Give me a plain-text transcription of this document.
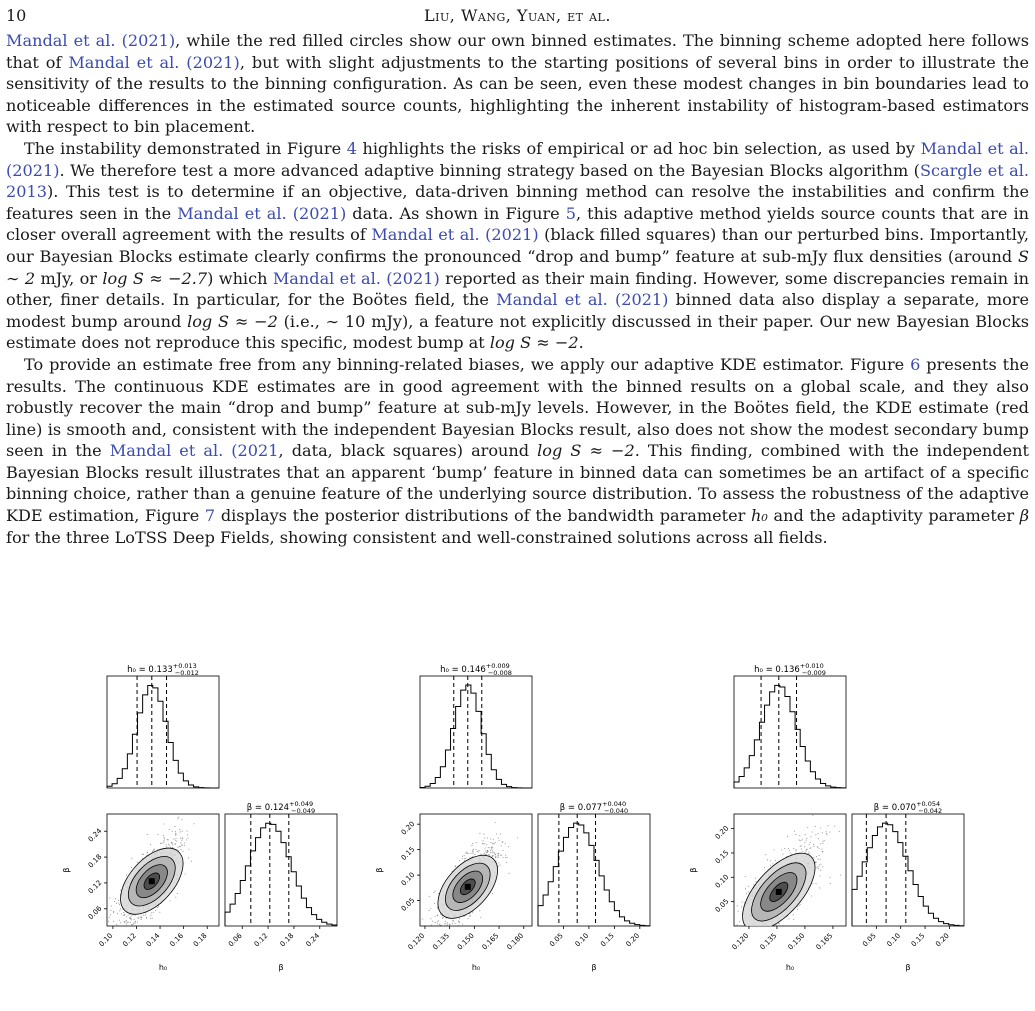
10	Liu, Wang, Yuan, et al.

Mandal et al. (2021), while the red filled circles show our own binned estimates. The binning scheme adopted here follows that of Mandal et al. (2021), but with slight adjustments to the starting positions of several bins in order to illustrate the sensitivity of the results to the binning configuration. As can be seen, even these modest changes in bin boundaries lead to noticeable differences in the estimated source counts, highlighting the inherent instability of histogram-based estimators with respect to bin placement.

The instability demonstrated in Figure 4 highlights the risks of empirical or ad hoc bin selection, as used by Mandal et al. (2021). We therefore test a more advanced adaptive binning strategy based on the Bayesian Blocks algorithm (Scargle et al. 2013). This test is to determine if an objective, data-driven binning method can resolve the instabilities and confirm the features seen in the Mandal et al. (2021) data. As shown in Figure 5, this adaptive method yields source counts that are in closer overall agreement with the results of Mandal et al. (2021) (black filled squares) than our perturbed bins. Importantly, our Bayesian Blocks estimate clearly confirms the pronounced “drop and bump” feature at sub-mJy flux densities (around S ∼ 2 mJy, or log S ≈ −2.7) which Mandal et al. (2021) reported as their main finding. However, some discrepancies remain in other, finer details. In particular, for the Boötes field, the Mandal et al. (2021) binned data also display a separate, more modest bump around log S ≈ −2 (i.e., ∼ 10 mJy), a feature not explicitly discussed in their paper. Our new Bayesian Blocks estimate does not reproduce this specific, modest bump at log S ≈ −2.

To provide an estimate free from any binning-related biases, we apply our adaptive KDE estimator. Figure 6 presents the results. The continuous KDE estimates are in good agreement with the binned results on a global scale, and they also robustly recover the main “drop and bump” feature at sub-mJy levels. However, in the Boötes field, the KDE estimate (red line) is smooth and, consistent with the independent Bayesian Blocks result, also does not show the modest secondary bump seen in the Mandal et al. (2021, data, black squares) around log S ≈ −2. This finding, combined with the independent Bayesian Blocks result illustrates that an apparent ‘bump’ feature in binned data can sometimes be an artifact of a specific binning choice, rather than a genuine feature of the underlying source distribution. To assess the robustness of the adaptive KDE estimation, Figure 7 displays the posterior distributions of the bandwidth parameter h₀ and the adaptivity parameter β for the three LoTSS Deep Fields, showing consistent and well-constrained solutions across all fields.

$h_0 = 0.133^{+0.013} -0.012$
$\beta = 0.124^{+0.049} -0.049$
0.10 0.12 0.14 0.16 0.18	0.06 0.12 0.18 0.24
0.06
0.12
0.18
0.24
h₀	β
β
$h_0 = 0.146^{+0.009} -0.008$
$\beta = 0.077^{+0.040} -0.040$
0.120 0.135 0.150 0.165 0.180	0.05 0.10 0.15 0.20
0.05
0.10
0.15
0.20
h₀	β
β
$h_0 = 0.136^{+0.010} -0.009$
$\beta = 0.070^{+0.054} -0.042$
0.120 0.135 0.150 0.165	0.05 0.10 0.15 0.20
0.05
0.10
0.15
0.20
h₀	β
β
